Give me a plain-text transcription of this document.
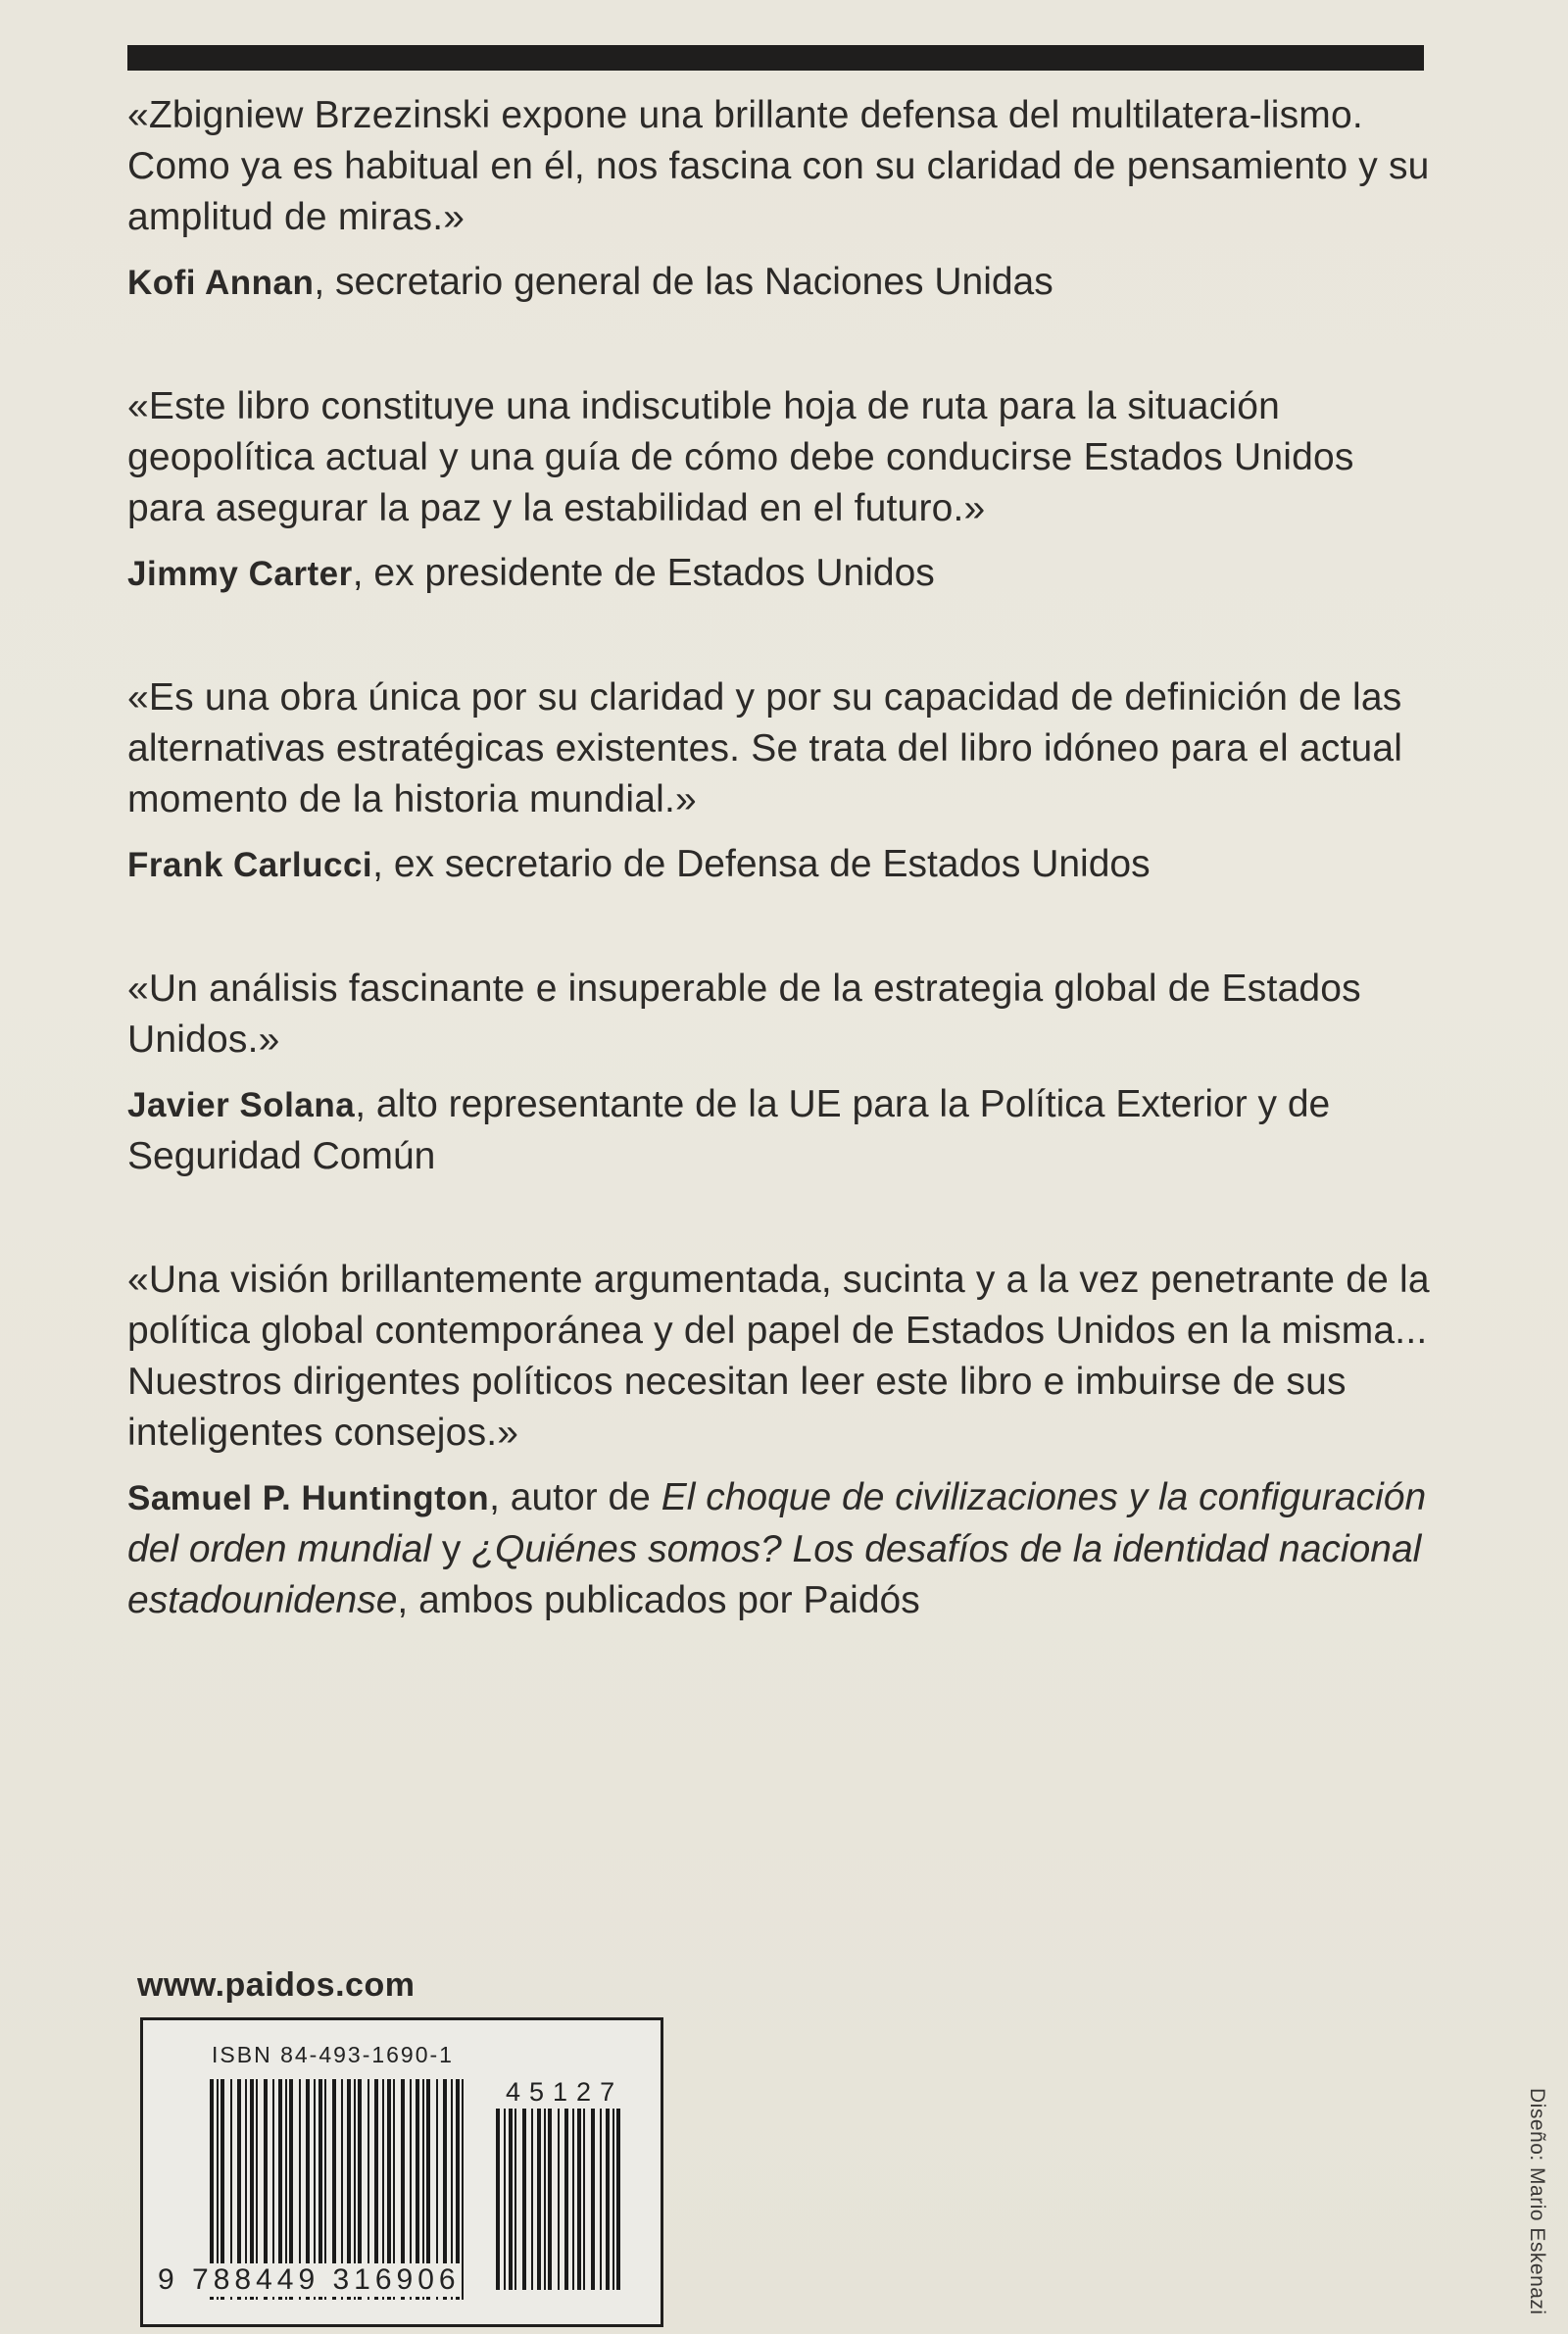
«Zbigniew Brzezinski expone una brillante defensa del multilatera-lismo. Como ya es habitual en él, nos fascina con su claridad de pensamiento y su amplitud de miras.»

Kofi Annan, secretario general de las Naciones Unidas

«Este libro constituye una indiscutible hoja de ruta para la situación geopolítica actual y una guía de cómo debe conducirse Estados Unidos para asegurar la paz y la estabilidad en el futuro.»

Jimmy Carter, ex presidente de Estados Unidos

«Es una obra única por su claridad y por su capacidad de definición de las alternativas estratégicas existentes. Se trata del libro idóneo para el actual momento de la historia mundial.»

Frank Carlucci, ex secretario de Defensa de Estados Unidos

«Un análisis fascinante e insuperable de la estrategia global de Estados Unidos.»

Javier Solana, alto representante de la UE para la Política Exterior y de Seguridad Común

«Una visión brillantemente argumentada, sucinta y a la vez penetrante de la política global contemporánea y del papel de Estados Unidos en la misma... Nuestros dirigentes políticos necesitan leer este libro e imbuirse de sus inteligentes consejos.»

Samuel P. Huntington, autor de El choque de civilizaciones y la configuración del orden mundial y ¿Quiénes somos? Los desafíos de la identidad nacional estadounidense, ambos publicados por Paidós

www.paidos.com
ISBN 84-493-1690-1
45127
9 788449 316906	Diseño: Mario Eskenazi
